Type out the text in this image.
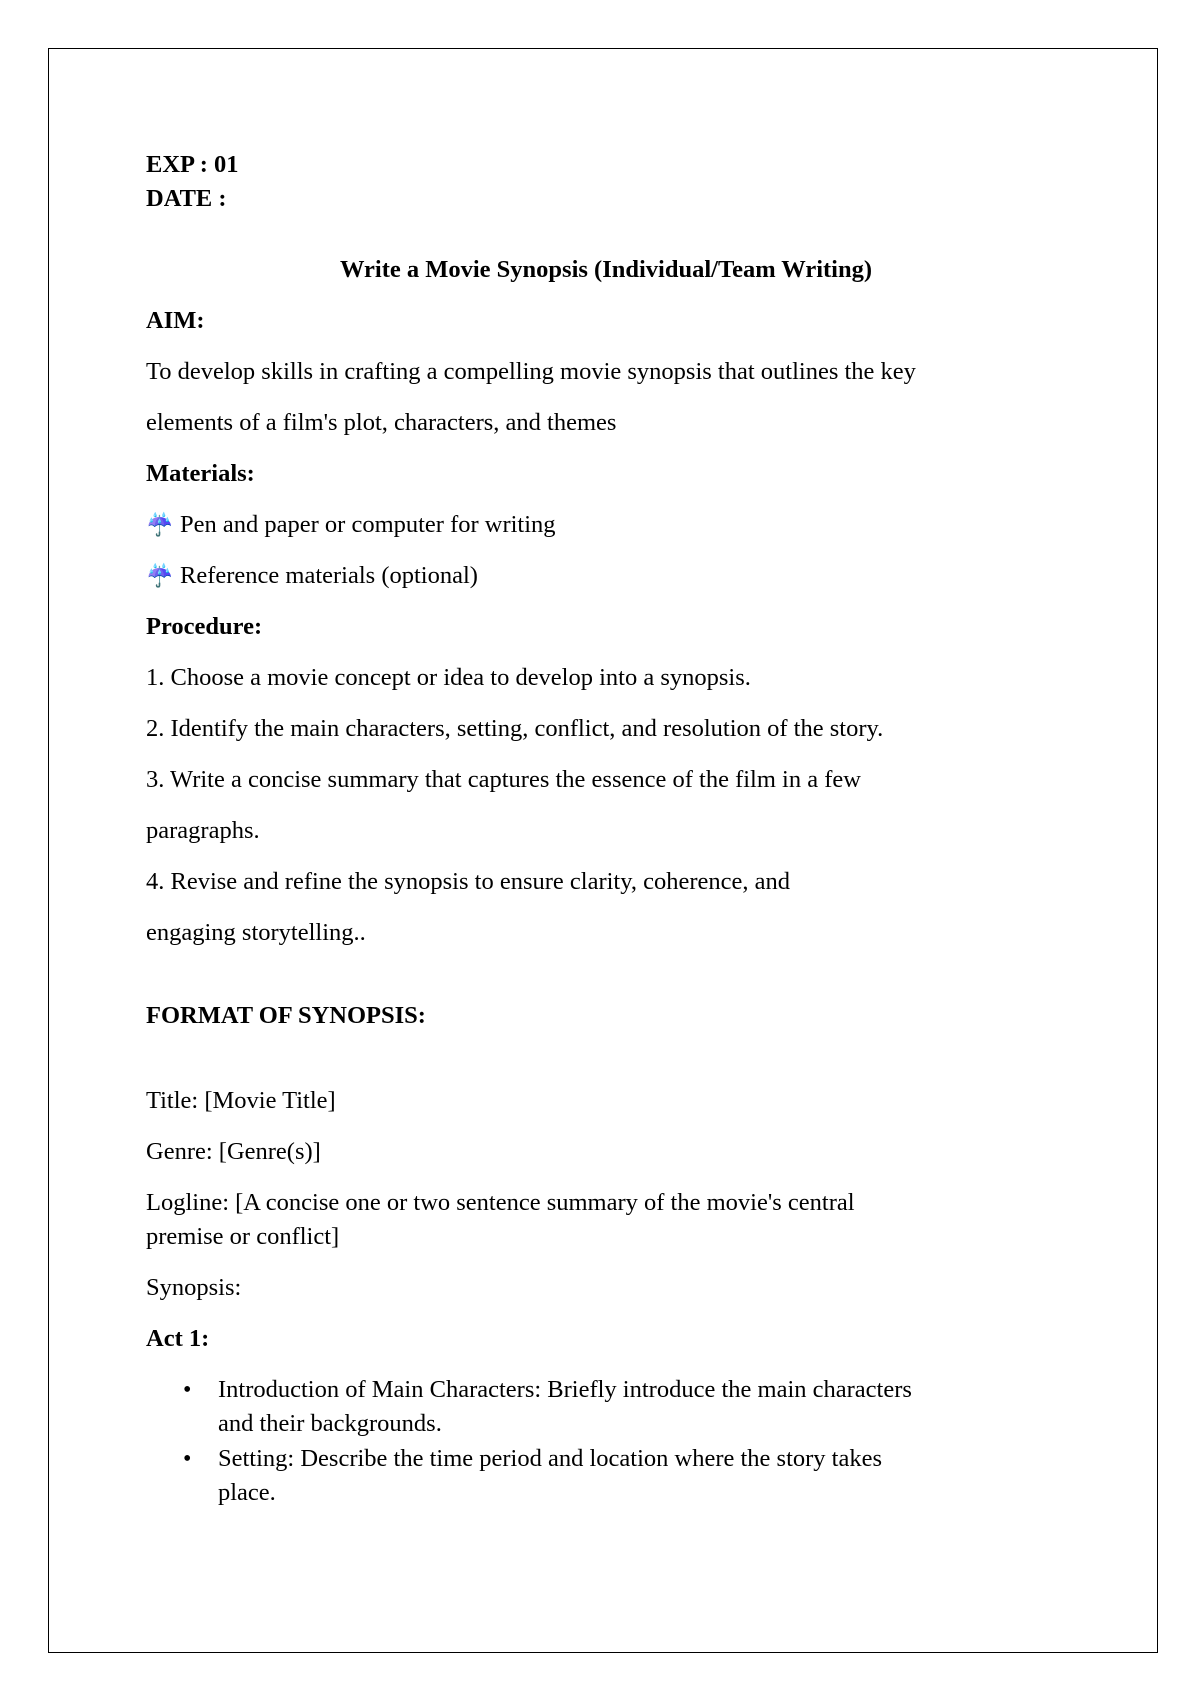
EXP : 01
DATE :
Write a Movie Synopsis (Individual/Team Writing)
AIM:
To develop skills in crafting a compelling movie synopsis that outlines the key
elements of a film's plot, characters, and themes
Materials:
☔ Pen and paper or computer for writing
☔ Reference materials (optional)
Procedure:
1. Choose a movie concept or idea to develop into a synopsis.
2. Identify the main characters, setting, conflict, and resolution of the story.
3. Write a concise summary that captures the essence of the film in a few
paragraphs.
4. Revise and refine the synopsis to ensure clarity, coherence, and
engaging storytelling..
FORMAT OF SYNOPSIS:
Title: [Movie Title]
Genre: [Genre(s)]
Logline: [A concise one or two sentence summary of the movie's central
premise or conflict]
Synopsis:
Act 1:
• Introduction of Main Characters: Briefly introduce the main characters
and their backgrounds.
• Setting: Describe the time period and location where the story takes
place.
